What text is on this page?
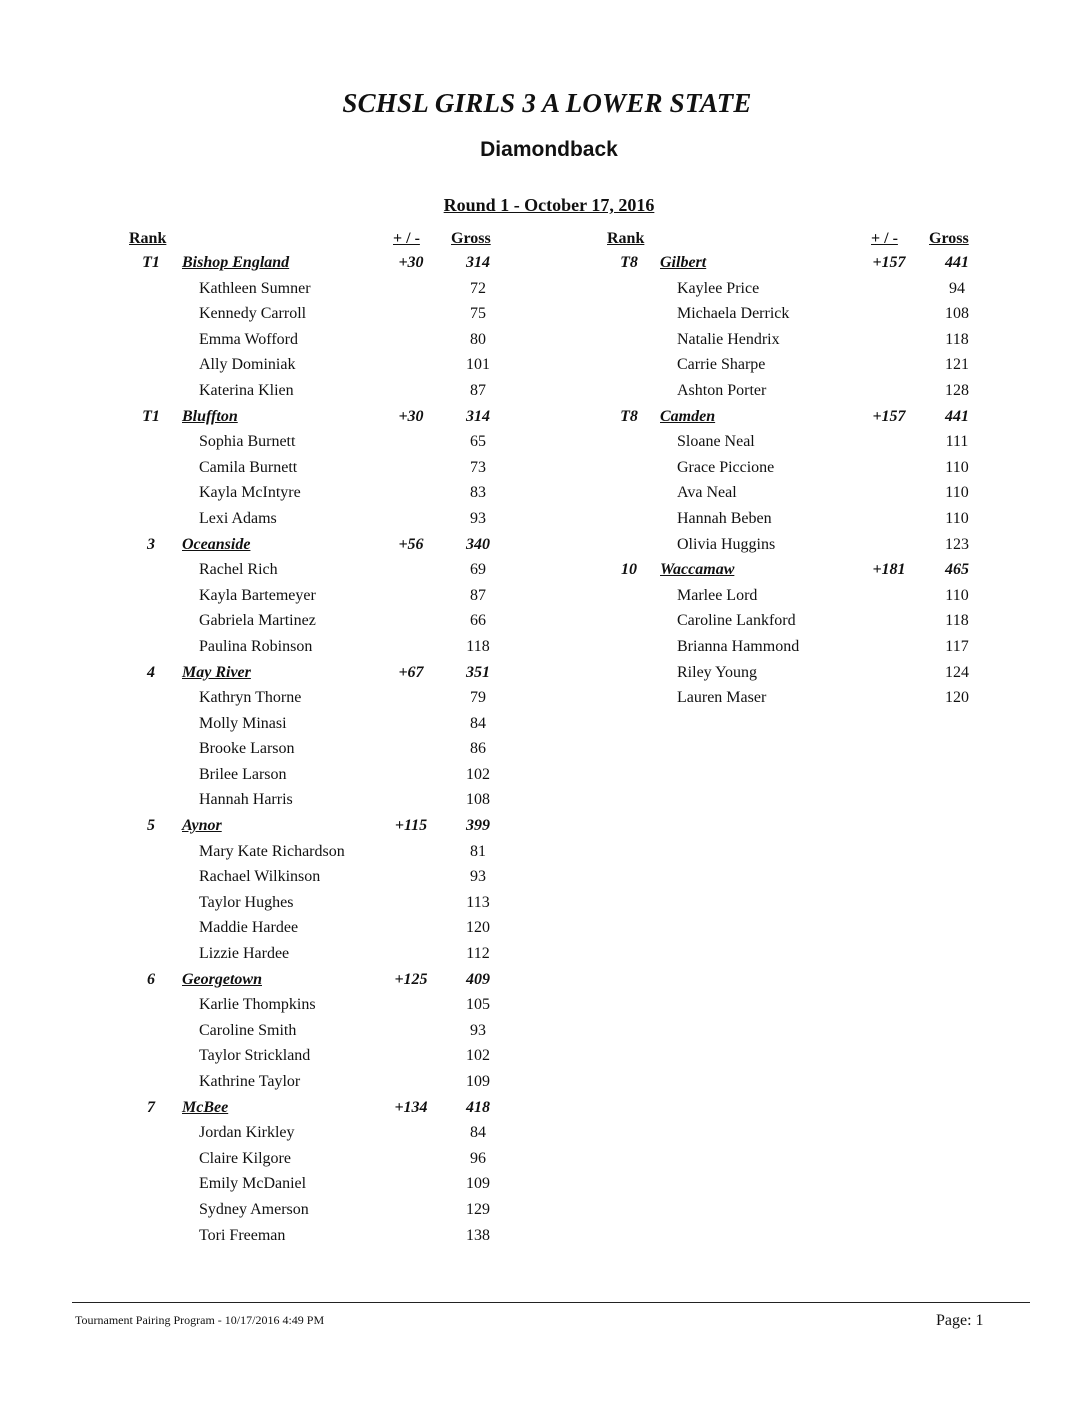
SCHSL GIRLS 3 A LOWER STATE
Diamondback
Round 1 - October 17, 2016
Rank	+ / - Gross	Rank	+ / - Gross
T1	Bishop England	+30	314
Kathleen Sumner	72
Kennedy Carroll	75
Emma Wofford	80
Ally Dominiak	101
Katerina Klien	87
T1	Bluffton	+30	314
Sophia Burnett	65
Camila Burnett	73
Kayla McIntyre	83
Lexi Adams	93
3	Oceanside	+56	340
Rachel Rich	69
Kayla Bartemeyer	87
Gabriela Martinez	66
Paulina Robinson	118
4	May River	+67	351
Kathryn Thorne	79
Molly Minasi	84
Brooke Larson	86
Brilee Larson	102
Hannah Harris	108
5	Aynor	+115	399
Mary Kate Richardson	81
Rachael Wilkinson	93
Taylor Hughes	113
Maddie Hardee	120
Lizzie Hardee	112
6	Georgetown	+125	409
Karlie Thompkins	105
Caroline Smith	93
Taylor Strickland	102
Kathrine Taylor	109
7	McBee	+134	418
Jordan Kirkley	84
Claire Kilgore	96
Emily McDaniel	109
Sydney Amerson	129
Tori Freeman	138
T8	Gilbert	+157	441
Kaylee Price	94
Michaela Derrick	108
Natalie Hendrix	118
Carrie Sharpe	121
Ashton Porter	128
T8	Camden	+157	441
Sloane Neal	111
Grace Piccione	110
Ava Neal	110
Hannah Beben	110
Olivia Huggins	123
10	Waccamaw	+181	465
Marlee Lord	110
Caroline Lankford	118
Brianna Hammond	117
Riley Young	124
Lauren Maser	120
Tournament Pairing Program - 10/17/2016 4:49 PM	Page: 1
